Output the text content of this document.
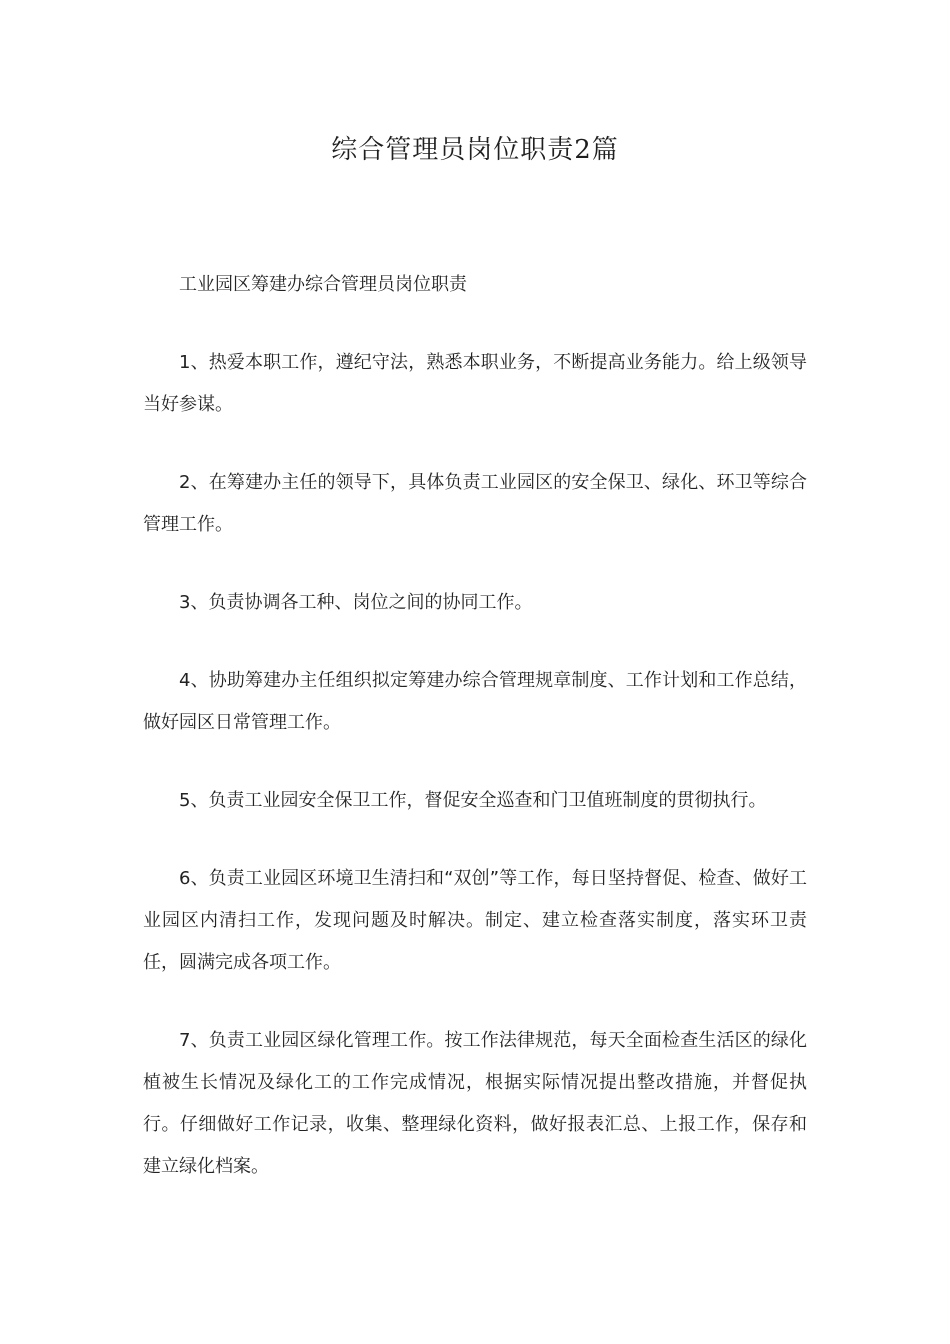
综合管理员岗位职责2篇
工业园区筹建办综合管理员岗位职责

1、热爱本职工作，遵纪守法，熟悉本职业务，不断提高业务能力。给上级领导当好参谋。

2、在筹建办主任的领导下，具体负责工业园区的安全保卫、绿化、环卫等综合管理工作。

3、负责协调各工种、岗位之间的协同工作。

4、协助筹建办主任组织拟定筹建办综合管理规章制度、工作计划和工作总结，做好园区日常管理工作。

5、负责工业园安全保卫工作，督促安全巡查和门卫值班制度的贯彻执行。

6、负责工业园区环境卫生清扫和“双创”等工作，每日坚持督促、检查、做好工业园区内清扫工作，发现问题及时解决。制定、建立检查落实制度，落实环卫责任，圆满完成各项工作。

7、负责工业园区绿化管理工作。按工作法律规范，每天全面检查生活区的绿化植被生长情况及绿化工的工作完成情况，根据实际情况提出整改措施，并督促执行。仔细做好工作记录，收集、整理绿化资料，做好报表汇总、上报工作，保存和建立绿化档案。
